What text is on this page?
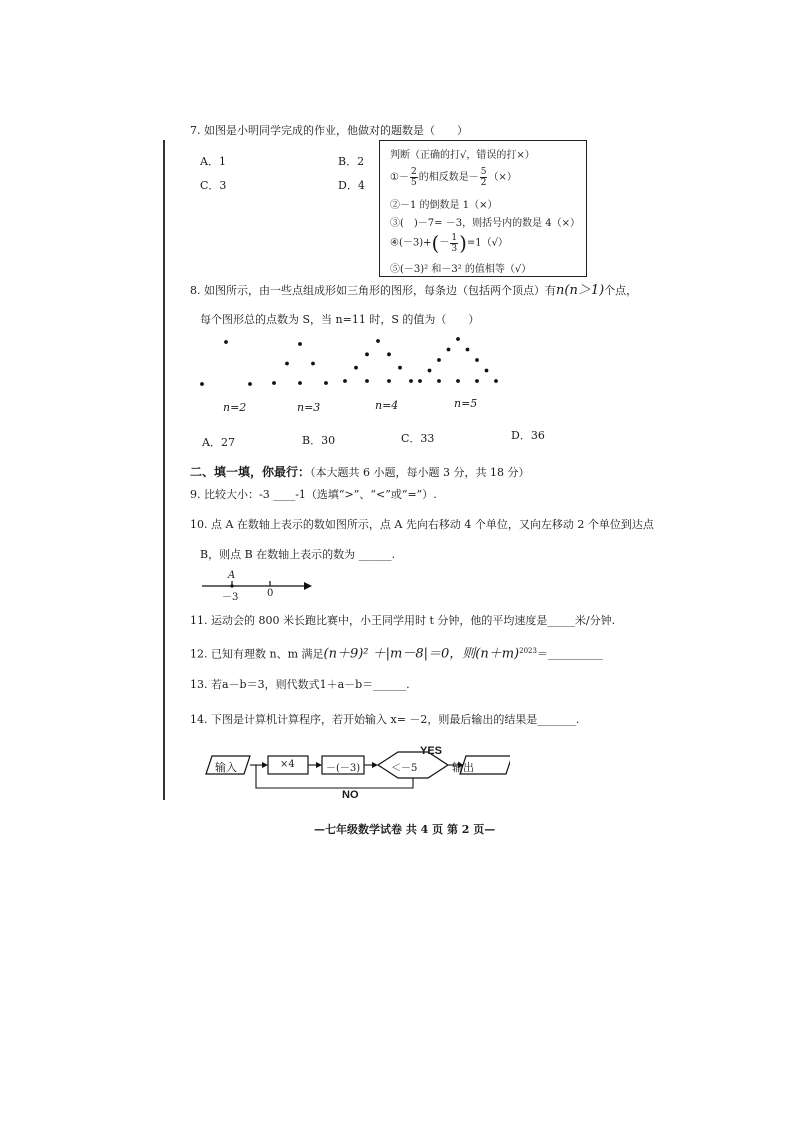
7. 如图是小明同学完成的作业，他做对的题数是（　　）
A．1	B．2
C．3	D．4
判断（正确的打√，错误的打×）
①－ $\frac{2}{5}$ 的相反数是－ $\frac{5}{2}$ （×）
②－1 的倒数是 1（×）
③(　)－7= －3，则括号内的数是 4（×）
④(－3)+(－ $\frac{1}{3} )=1(√)$
⑤(－3)² 和－3² 的值相等（√）
8. 如图所示，由一些点组成形如三角形的图形，每条边（包括两个顶点）有n(n＞1)个点，
每个图形总的点数为 S，当 n=11 时，S 的值为（　　）
n=2	n=3	n=4	n=5
A．27	B．30	C．33	D．36
二、填一填，你最行：（本大题共 6 小题，每小题 3 分，共 18 分）
9. 比较大小：-3 ____-1（选填“>”、“<”或“=”）.
10. 点 A 在数轴上表示的数如图所示，点 A 先向右移动 4 个单位，又向左移动 2 个单位到达点
B，则点 B 在数轴上表示的数为 ______.
A
－3	0
11. 运动会的 800 米长跑比赛中，小王同学用时 t 分钟，他的平均速度是_____米/分钟.
12. 已知有理数 n、m 满足(n＋9)² ＋|m－8|＝0，则$(n+m)^{2023}=\_\_\_\_\_\_\_\_\_\_$
13. 若a－b＝3，则代数式1＋a－b＝______.
14. 下图是计算机计算程序，若开始输入 x= －2，则最后输出的结果是_______.
输入	×4	－(－3)	＜－5
YES
输出
NO
—七年级数学试卷 共 4 页 第 2 页—
